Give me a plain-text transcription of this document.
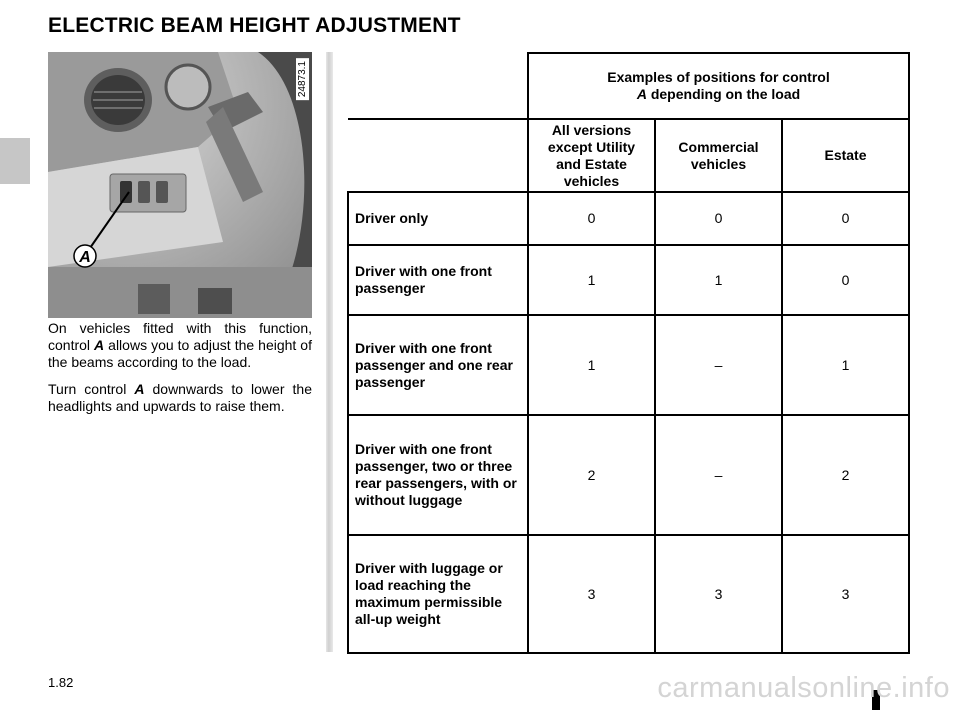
ELECTRIC BEAM HEIGHT ADJUSTMENT
A
24873.1

On vehicles fitted with this function, control A allows you to adjust the height of the beams according to the load.

Turn control A downwards to lower the headlights and upwards to raise them.

	Examples of positions for control
A depending on the load		
	All versions except Utility and Estate vehicles	Commercial vehicles	Estate
Driver only	0	0	0
Driver with one front passenger	1	1	0
Driver with one front passenger and one rear passenger	1	–	1
Driver with one front passenger, two or three rear passengers, with or without luggage	2	–	2
Driver with luggage or load reaching the maximum permissible all-up weight	3	3	3
1.82	carmanualsonline.info
